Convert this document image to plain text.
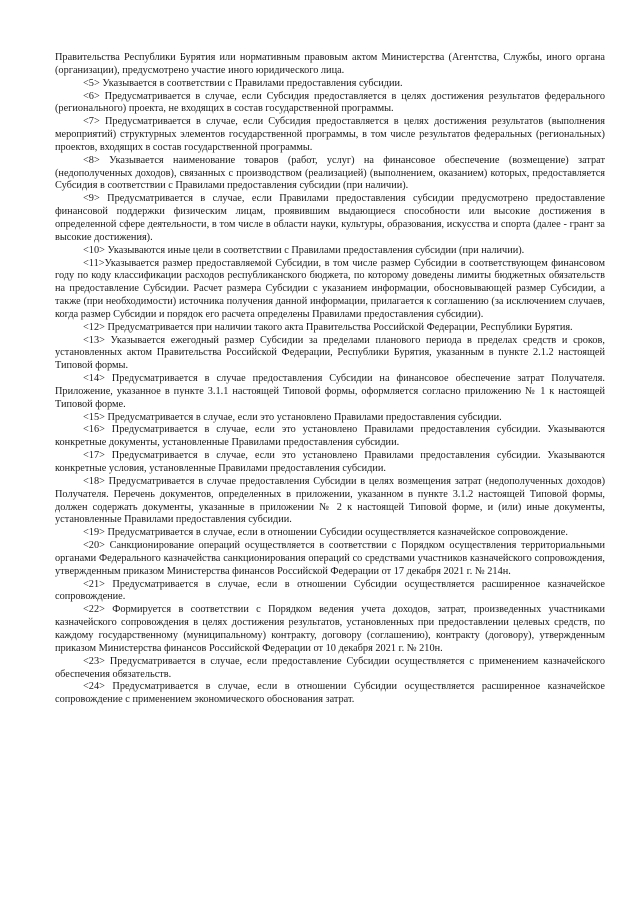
Правительства Республики Бурятия или нормативным правовым актом Министерства (Агентства, Службы, иного органа (организации), предусмотрено участие иного юридического лица.

<5> Указывается в соответствии с Правилами предоставления субсидии.

<6> Предусматривается в случае, если Субсидия предоставляется в целях достижения результатов федерального (регионального) проекта, не входящих в состав государственной программы.

<7> Предусматривается в случае, если Субсидия предоставляется в целях достижения результатов (выполнения мероприятий) структурных элементов государственной программы, в том числе результатов федеральных (региональных) проектов, входящих в состав государственной программы.

<8> Указывается наименование товаров (работ, услуг) на финансовое обеспечение (возмещение) затрат (недополученных доходов), связанных с производством (реализацией) (выполнением, оказанием) которых, предоставляется Субсидия в соответствии с Правилами предоставления субсидии (при наличии).

<9> Предусматривается в случае, если Правилами предоставления субсидии предусмотрено предоставление финансовой поддержки физическим лицам, проявившим выдающиеся способности или высокие достижения в определенной сфере деятельности, в том числе в области науки, культуры, образования, искусства и спорта (далее - грант за высокие достижения).

<10> Указываются иные цели в соответствии с Правилами предоставления субсидии (при наличии).

<11>Указывается размер предоставляемой Субсидии, в том числе размер Субсидии в соответствующем финансовом году по коду классификации расходов республиканского бюджета, по которому доведены лимиты бюджетных обязательств на предоставление Субсидии. Расчет размера Субсидии с указанием информации, обосновывающей размер Субсидии, а также (при необходимости) источника получения данной информации, прилагается к соглашению (за исключением случаев, когда размер Субсидии и порядок его расчета определены Правилами предоставления субсидии).

<12> Предусматривается при наличии такого акта Правительства Российской Федерации, Республики Бурятия.

<13> Указывается ежегодный размер Субсидии за пределами планового периода в пределах средств и сроков, установленных актом Правительства Российской Федерации, Республики Бурятия, указанным в пункте 2.1.2 настоящей Типовой формы.

<14> Предусматривается в случае предоставления Субсидии на финансовое обеспечение затрат Получателя. Приложение, указанное в пункте 3.1.1 настоящей Типовой формы, оформляется согласно приложению № 1 к настоящей Типовой форме.

<15> Предусматривается в случае, если это установлено Правилами предоставления субсидии.

<16> Предусматривается в случае, если это установлено Правилами предоставления субсидии. Указываются конкретные документы, установленные Правилами предоставления субсидии.

<17> Предусматривается в случае, если это установлено Правилами предоставления субсидии. Указываются конкретные условия, установленные Правилами предоставления субсидии.

<18> Предусматривается в случае предоставления Субсидии в целях возмещения затрат (недополученных доходов) Получателя. Перечень документов, определенных в приложении, указанном в пункте 3.1.2 настоящей Типовой формы, должен содержать документы, указанные в приложении № 2 к настоящей Типовой форме, и (или) иные документы, установленные Правилами предоставления субсидии.

<19> Предусматривается в случае, если в отношении Субсидии осуществляется казначейское сопровождение.

<20> Санкционирование операций осуществляется в соответствии с Порядком осуществления территориальными органами Федерального казначейства санкционирования операций со средствами участников казначейского сопровождения, утвержденным приказом Министерства финансов Российской Федерации от 17 декабря 2021 г. № 214н.

<21> Предусматривается в случае, если в отношении Субсидии осуществляется расширенное казначейское сопровождение.

<22> Формируется в соответствии с Порядком ведения учета доходов, затрат, произведенных участниками казначейского сопровождения в целях достижения результатов, установленных при предоставлении целевых средств, по каждому государственному (муниципальному) контракту, договору (соглашению), контракту (договору), утвержденным приказом Министерства финансов Российской Федерации от 10 декабря 2021 г. № 210н.

<23> Предусматривается в случае, если предоставление Субсидии осуществляется с применением казначейского обеспечения обязательств.

<24> Предусматривается в случае, если в отношении Субсидии осуществляется расширенное казначейское сопровождение с применением экономического обоснования затрат.
